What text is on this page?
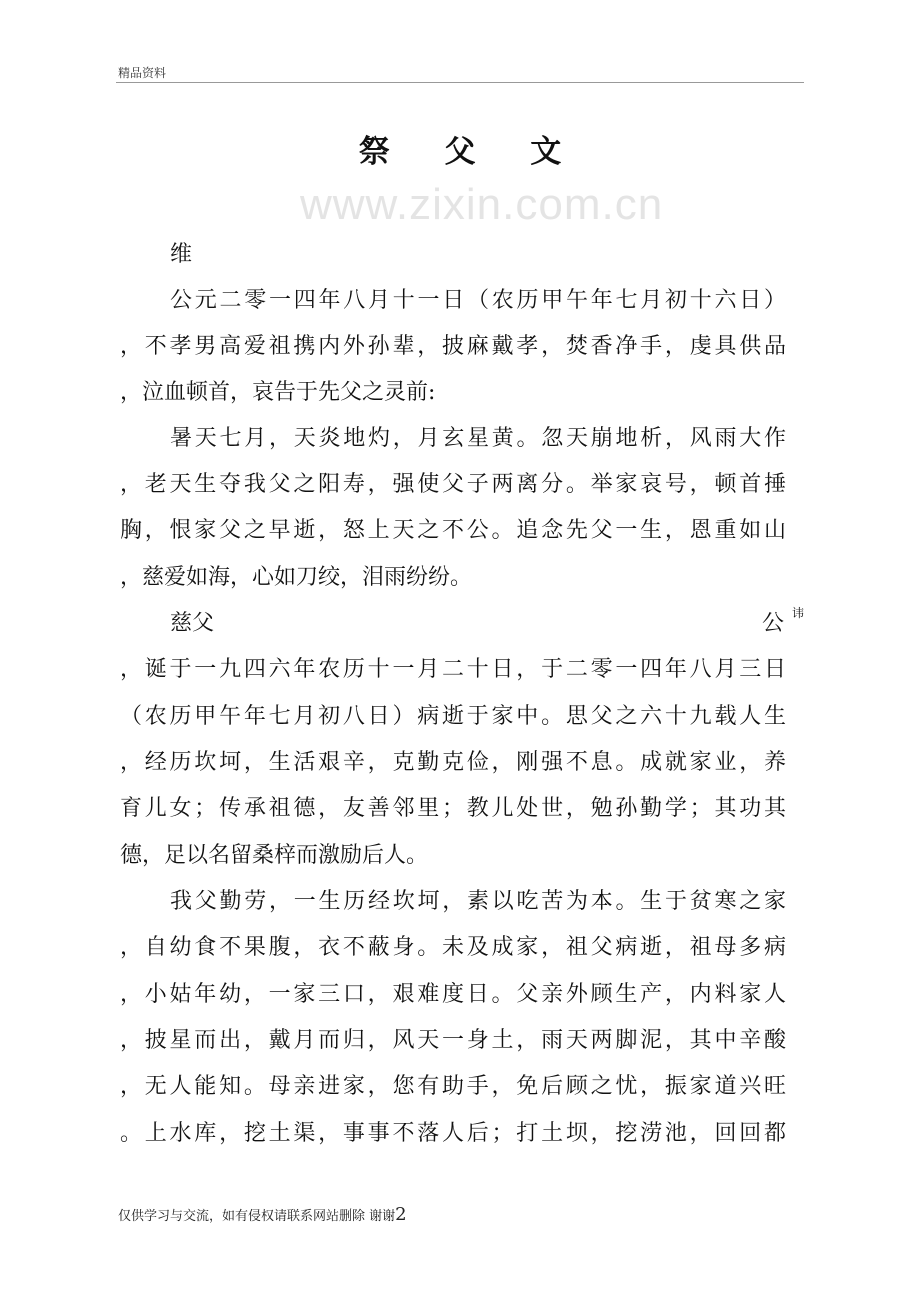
精品资料
祭 父 文
www.zixin.com.cn
维
公元二零一四年八月十一日（农历甲午年七月初十六日）
，不孝男高爱祖携内外孙辈，披麻戴孝，焚香净手，虔具供品
，泣血顿首，哀告于先父之灵前:
暑天七月，天炎地灼，月玄星黄。忽天崩地析，风雨大作
，老天生夺我父之阳寿，强使父子两离分。举家哀号，顿首捶
胸，恨家父之早逝，怒上天之不公。追念先父一生，恩重如山
，慈爱如海，心如刀绞，泪雨纷纷。
慈父	公 讳
，诞于一九四六年农历十一月二十日，于二零一四年八月三日
（农历甲午年七月初八日）病逝于家中。思父之六十九载人生
，经历坎坷，生活艰辛，克勤克俭，刚强不息。成就家业，养
育儿女；传承祖德，友善邻里；教儿处世，勉孙勤学；其功其
德，足以名留桑梓而激励后人。
我父勤劳，一生历经坎坷，素以吃苦为本。生于贫寒之家
，自幼食不果腹，衣不蔽身。未及成家，祖父病逝，祖母多病
，小姑年幼，一家三口，艰难度日。父亲外顾生产，内料家人
，披星而出，戴月而归，风天一身土，雨天两脚泥，其中辛酸
，无人能知。母亲进家，您有助手，免后顾之忧，振家道兴旺
。上水库，挖土渠，事事不落人后；打土坝，挖涝池，回回都
仅供学习与交流，如有侵权请联系网站删除 谢谢2
